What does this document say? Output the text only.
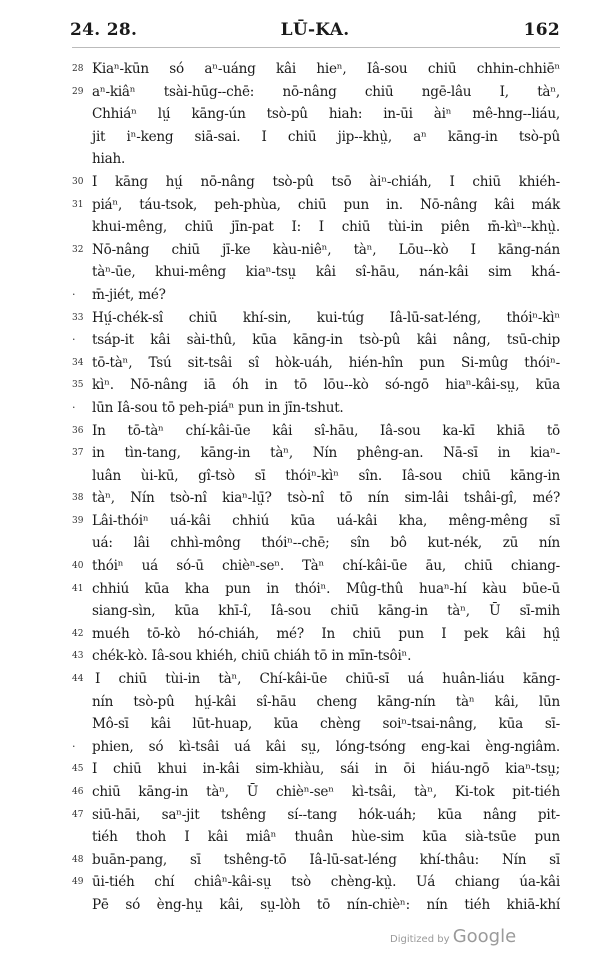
24. 28.	LŪ-KA.	162
28 Kiaⁿ-kūn só aⁿ-uáng kâi hieⁿ, Iâ-sou chiū chhin-chhiēⁿ
29 aⁿ-kiâⁿ tsài-hūg--chē: nō-nâng chiū ngē-lâu I, tàⁿ,
Chhiáⁿ lṳ́ kāng-ún tsò-pû hiah: in-ūi àiⁿ mê-hng--liáu,
jit iⁿ-keng siā-sai. I chiū jip--khṳ̀, aⁿ kāng-in tsò-pû
hiah.
30 I kāng hṳ́ nō-nâng tsò-pû tsō àiⁿ-chiáh, I chiū khiéh-
31 piáⁿ, táu-tsok, peh-phùa, chiū pun in. Nō-nâng kâi mák
khui-mêng, chiū jīn-pat I: I chiū tùi-in piên m̄-kìⁿ--khṳ̀.
32 Nō-nâng chiū jī-ke kàu-niêⁿ, tàⁿ, Lōu--kò I kāng-nán
tàⁿ-ūe, khui-mêng kiaⁿ-tsṳ kâi sî-hāu, nán-kâi sim khá-
· m̄-jiét, mé?
33 Hṳ́-chék-sî chiū khí-sin, kui-túg Iâ-lū-sat-léng, thóiⁿ-kìⁿ
· tsáp-it kâi sài-thû, kūa kāng-in tsò-pû kâi nâng, tsū-chip
34 tō-tàⁿ, Tsú sit-tsâi sî hòk-uáh, hién-hîn pun Si-mûg thóiⁿ-
35 kìⁿ. Nō-nâng iā óh in tō lōu--kò só-ngō hiaⁿ-kâi-sṳ, kūa
· lūn Iâ-sou tō peh-piáⁿ pun in jīn-tshut.
36 In tō-tàⁿ chí-kâi-ūe kâi sî-hāu, Iâ-sou ka-kī khiā tō
37 in tìn-tang, kāng-in tàⁿ, Nín phêng-an. Nā-sī in kiaⁿ-
luân ùi-kū, gî-tsò sī thóiⁿ-kìⁿ sîn. Iâ-sou chiū kāng-in
38 tàⁿ, Nín tsò-nî kiaⁿ-lṳ̄? tsò-nî tō nín sim-lâi tshâi-gî, mé?
39 Lâi-thóiⁿ uá-kâi chhiú kūa uá-kâi kha, mêng-mêng sī
uá: lâi chhì-mông thóiⁿ--chē; sîn bô kut-nék, zū nín
40 thóiⁿ uá só-ū chièⁿ-seⁿ. Tàⁿ chí-kâi-ūe āu, chiū chiang-
41 chhiú kūa kha pun in thóiⁿ. Mûg-thû huaⁿ-hí kàu būe-ū
siang-sìn, kūa khī-î, Iâ-sou chiū kāng-in tàⁿ, Ū sī-mih
42 muéh tō-kò hó-chiáh, mé? In chiū pun I pek kâi hṳ̂
43 chék-kò. Iâ-sou khiéh, chiū chiáh tō in mīn-tsôiⁿ.
44 I chiū tùi-in tàⁿ, Chí-kâi-ūe chiū-sī uá huân-liáu kāng-
nín tsò-pû hṳ́-kâi sî-hāu cheng kāng-nín tàⁿ kâi, lūn
Mô-sī kâi lūt-huap, kūa chèng soiⁿ-tsai-nâng, kūa sī-
· phien, só kì-tsâi uá kâi sṳ, lóng-tsóng eng-kai èng-ngiâm.
45 I chiū khui in-kâi sim-khiàu, sái in ōi hiáu-ngō kiaⁿ-tsṳ;
46 chiū kāng-in tàⁿ, Ū chièⁿ-seⁿ kì-tsâi, tàⁿ, Ki-tok pit-tiéh
47 siū-hāi, saⁿ-jit tshêng sí--tang hók-uáh; kūa nâng pit-
tiéh thoh I kâi miâⁿ thuân hùe-sim kūa sià-tsūe pun
48 buān-pang, sī tshêng-tō Iâ-lū-sat-léng khí-thâu: Nín sī
49 ūi-tiéh chí chiâⁿ-kâi-sṳ tsò chèng-kṳ̀. Uá chiang úa-kâi
Pē só èng-hṳ kâi, sṳ-lòh tō nín-chièⁿ: nín tiéh khiā-khí
Digitized by Google
